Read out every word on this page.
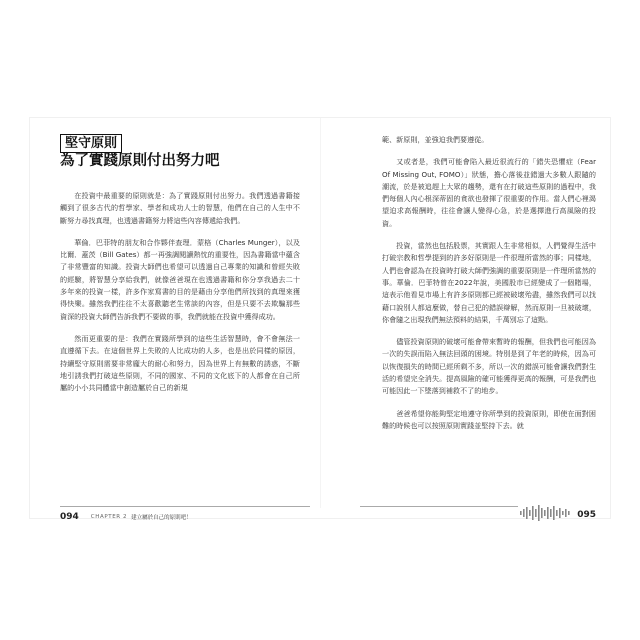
堅守原則
為了實踐原則付出努力吧

在投資中最重要的原則就是：為了實踐原則付出努力。我們透過書籍接觸到了很多古代的哲學家、學者和成功人士的智慧，他們在自己的人生中不斷努力尋找真理，也透過書籍努力將這些內容傳遞給我們。

華倫．巴菲特的朋友和合作夥伴查理．蒙格（Charles Munger），以及比爾．蓋茨（Bill Gates）都一再強調閱讀熱忱的重要性，因為書籍當中蘊含了非常豐富的知識。投資大師們也希望可以透過自己專業的知識和曾經失敗的經驗，將智慧分享給我們，就像爸爸現在也透過書籍和你分享我過去二十多年來的投資一樣，許多作家寫書的目的是藉由分享他們所找到的真理來獲得快樂。雖然我們往往不太喜歡聽老生常談的內容，但是只要不去欺騙那些資深的投資大師們告訴我們不要做的事，我們就能在投資中獲得成功。

然而更重要的是：我們在實踐所學到的這些生活智慧時，會不會無法一直遵循下去。在這個世界上失敗的人比成功的人多，也是出於同樣的原因，持續堅守原則需要非常龐大的耐心和努力，因為世界上有無數的誘惑，不斷地引誘我們打破這些原則，不同的國家、不同的文化底下的人都會在自己所屬的小小共同體當中創造屬於自己的新規

094 CHAPTER 2 建立屬於自己的原則吧！

範、新原則，並強迫我們要遵從。

又或者是，我們可能會陷入最近很流行的「錯失恐懼症（Fear Of Missing Out, FOMO）」狀態，擔心落後並錯過大多數人跟隨的潮流，於是被追趕上大眾的趨勢，還有在打破這些原則的過程中，我們每個人內心根深蒂固的貪欲也發揮了很重要的作用。當人們心裡渴望迫求高報酬時，往往會讓人變得心急，於是選擇進行高風險的投資。

投資，當然也包括股票，其實跟人生非常相似，人們覺得生活中打破宗教和哲學提到的許多好原則是一件很理所當然的事；同樣地，人們也會認為在投資時打破大師們強調的重要原則是一件理所當然的事。華倫．巴菲特曾在2022年說，美國股市已經變成了一個賭場，這表示他看見市場上有許多原則都已經被破壞殆盡，雖然我們可以找藉口說別人都這麼做，替自己犯的錯誤辯解，然而原則一旦被破壞，你會隨之出現我們無法預料的結果，千萬別忘了這點。

儘管投資原則的破壞可能會帶來暫時的報酬，但我們也可能因為一次的失誤而陷入無法回頭的困境。特別是到了年老的時候，因為可以恢復損失的時間已經所剩不多，所以一次的錯誤可能會讓我們對生活的希望完全消失。提高風險的確可能獲得更高的報酬，可是我們也可能因此一下墜落到補救不了的地步。

爸爸希望你能夠堅定地遵守你所學到的投資原則，即使在面對困難的時候也可以按照原則實踐並堅持下去。就

095
